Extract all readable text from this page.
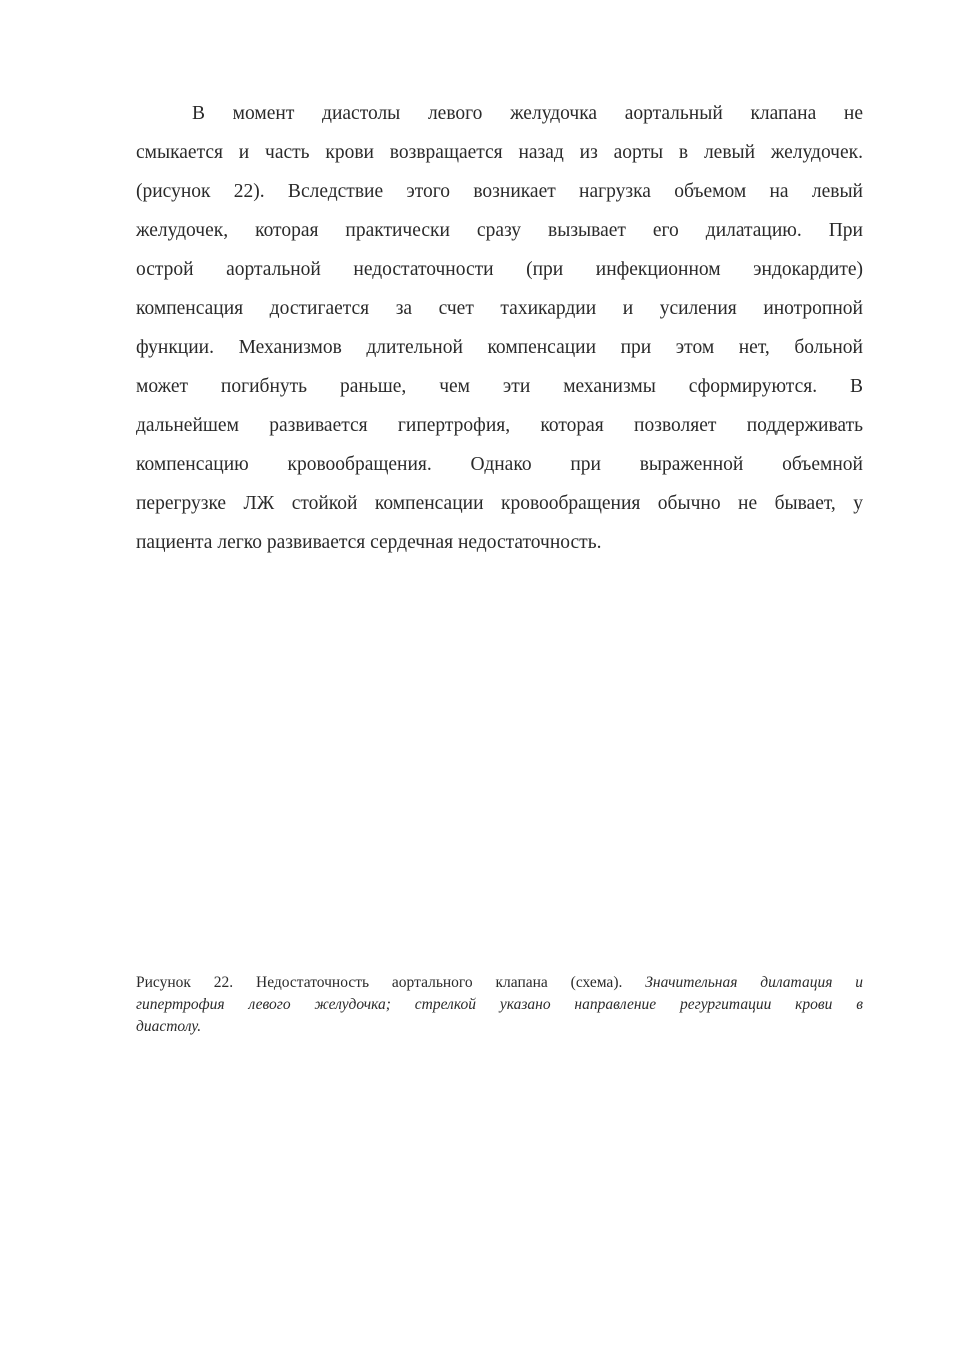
В момент диастолы левого желудочка аортальный клапана не
смыкается и часть крови возвращается назад из аорты в левый желудочек.
(рисунок 22). Вследствие этого возникает нагрузка объемом на левый
желудочек, которая практически сразу вызывает его дилатацию. При
острой аортальной недостаточности (при инфекционном эндокардите)
компенсация достигается за счет тахикардии и усиления инотропной
функции. Механизмов длительной компенсации при этом нет, больной
может погибнуть раньше, чем эти механизмы сформируются. В
дальнейшем развивается гипертрофия, которая позволяет поддерживать
компенсацию кровообращения. Однако при выраженной объемной
перегрузке ЛЖ стойкой компенсации кровообращения обычно не бывает, у
пациента легко развивается сердечная недостаточность.

Рисунок 22. Недостаточность аортального клапана (схема). Значительная дилатация и
гипертрофия левого желудочка; стрелкой указано направление регургитации крови в
диастолу.
